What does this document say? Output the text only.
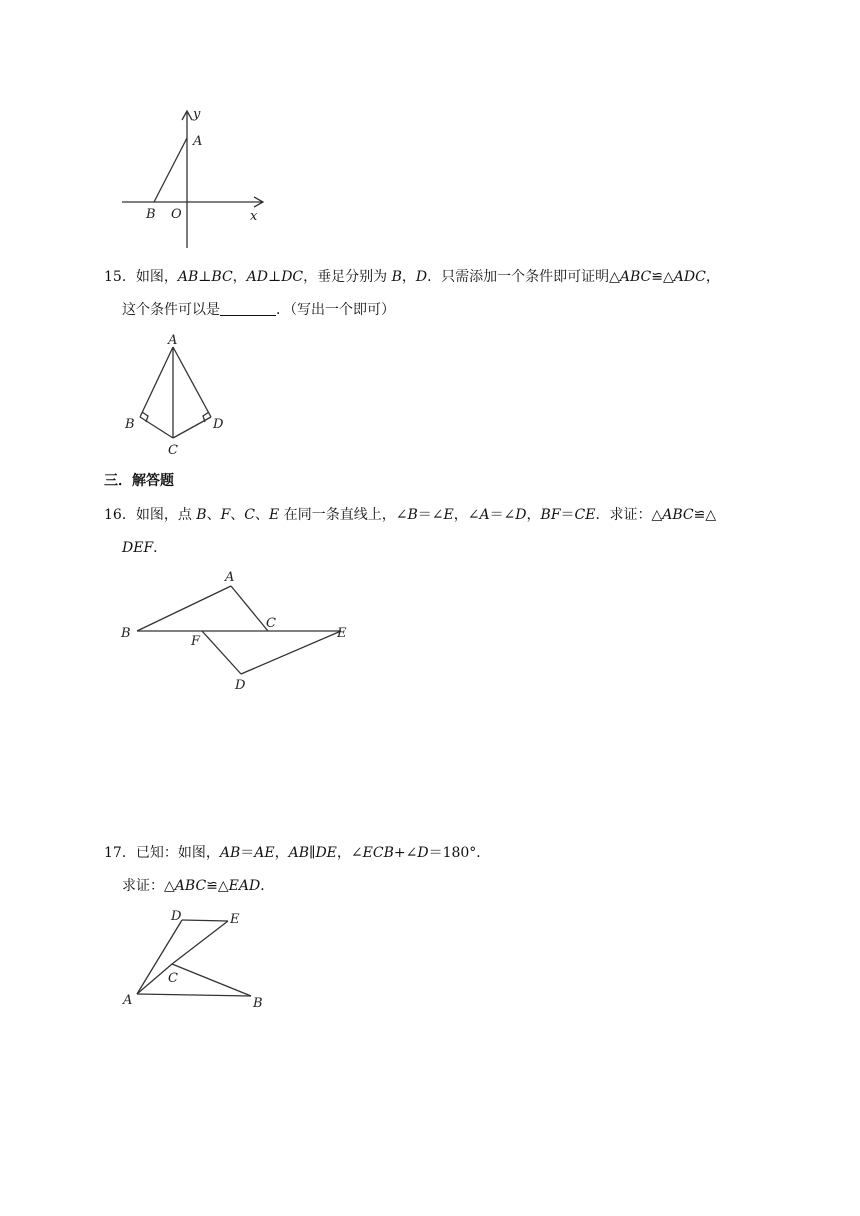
y
A
B O	x
15．如图，AB⊥BC，AD⊥DC，垂足分别为 B，D．只需添加一个条件即可证明△ABC≌△ADC，
这个条件可以是	．（写出一个即可）
A
B
C
D
三．解答题
16．如图，点 B、F、C、E 在同一条直线上，∠B＝∠E，∠A＝∠D，BF＝CE．求证：△ABC≌△
DEF．
A
B
C
E
F
D
17．已知：如图，AB＝AE，AB∥DE，∠ECB+∠D＝180°．
求证：△ABC≌△EAD．
D	E
C
A	B
